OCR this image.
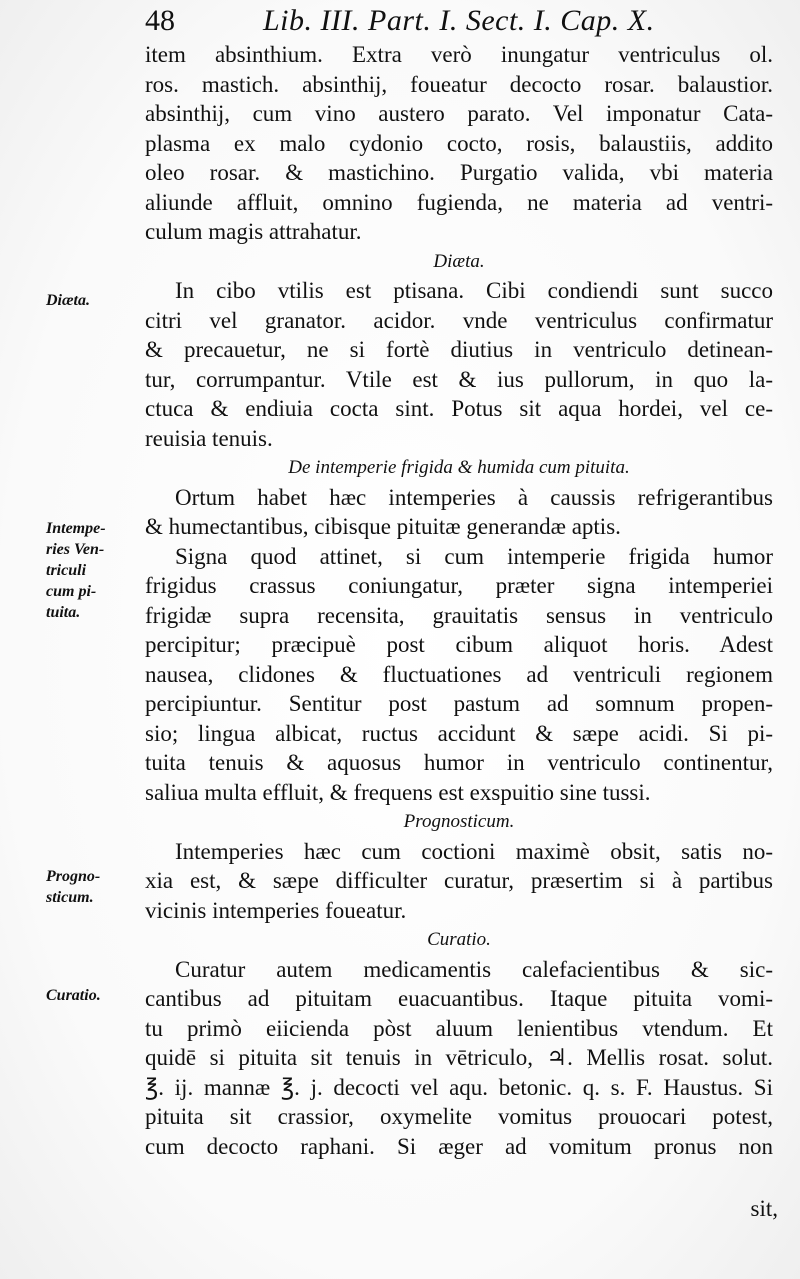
48	Lib. III. Part. I. Sect. I. Cap. X.
item absinthium. Extra verò inungatur ventriculus ol.
ros. mastich. absinthij, foueatur decocto rosar. balaustior.
absinthij, cum vino austero parato. Vel imponatur Cata-
plasma ex malo cydonio cocto, rosis, balaustiis, addito
oleo rosar. & mastichino. Purgatio valida, vbi materia
aliunde affluit, omnino fugienda, ne materia ad ventri-
culum magis attrahatur.
Diæta.
In cibo vtilis est ptisana. Cibi condiendi sunt succo
citri vel granator. acidor. vnde ventriculus confirmatur
& precauetur, ne si fortè diutius in ventriculo detinean-
tur, corrumpantur. Vtile est & ius pullorum, in quo la-
ctuca & endiuia cocta sint. Potus sit aqua hordei, vel ce-
reuisia tenuis.
De intemperie frigida & humida cum pituita.
Ortum habet hæc intemperies à caussis refrigerantibus
& humectantibus, cibisque pituitæ generandæ aptis.
Signa quod attinet, si cum intemperie frigida humor
frigidus crassus coniungatur, præter signa intemperiei
frigidæ supra recensita, grauitatis sensus in ventriculo
percipitur; præcipuè post cibum aliquot horis. Adest
nausea, clidones & fluctuationes ad ventriculi regionem
percipiuntur. Sentitur post pastum ad somnum propen-
sio; lingua albicat, ructus accidunt & sæpe acidi. Si pi-
tuita tenuis & aquosus humor in ventriculo continentur,
saliua multa effluit, & frequens est exspuitio sine tussi.
Prognosticum.
Intemperies hæc cum coctioni maximè obsit, satis no-
xia est, & sæpe difficulter curatur, præsertim si à partibus
vicinis intemperies foueatur.
Curatio.
Curatur autem medicamentis calefacientibus & sic-
cantibus ad pituitam euacuantibus. Itaque pituita vomi-
tu primò eiicienda pòst aluum lenientibus vtendum. Et
quidē si pituita sit tenuis in vētriculo, ♃. Mellis rosat. solut.
℥. ij. mannæ ℥. j. decocti vel aqu. betonic. q. s. F. Haustus. Si
pituita sit crassior, oxymelite vomitus prouocari potest,
cum decocto raphani. Si æger ad vomitum pronus non
sit,
Diæta.
Intempe-
ries Ven-
triculi
cum pi-
tuita.
Progno-
sticum.
Curatio.
